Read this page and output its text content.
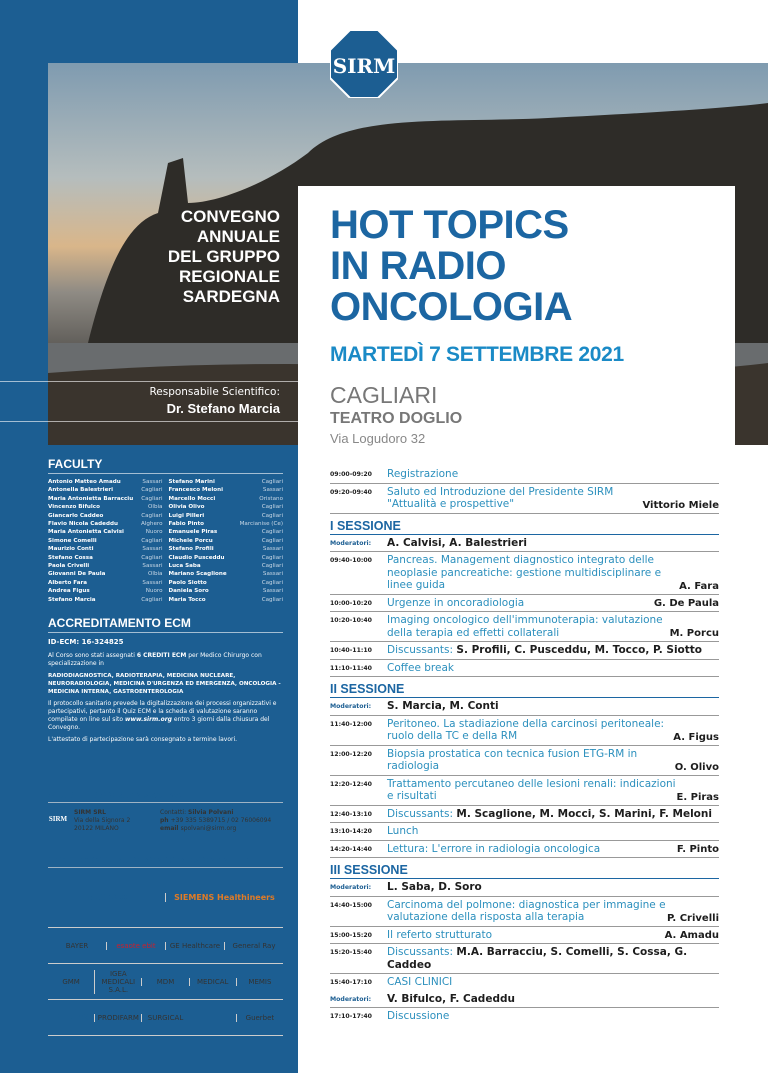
SIRM
CONVEGNO
ANNUALE
DEL GRUPPO
REGIONALE
SARDEGNA
Responsabile Scientifico:
Dr. Stefano Marcia
HOT TOPICS
IN RADIO
ONCOLOGIA
MARTEDÌ 7 SETTEMBRE 2021
CAGLIARI
TEATRO DOGLIO
Via Logudoro 32
FACULTY
Antonio Matteo Amadu	Sassari
Antonella Balestrieri	Cagliari
Maria Antonietta Barracciu Cagliari
Vincenzo Bifulco	Olbia
Giancarlo Caddeo	Cagliari
Flavio Nicola Cadeddu	Alghero
Maria Antonietta Calvisi	Nuoro
Simone Comelli	Cagliari
Maurizio Conti	Sassari
Stefano Cossa	Cagliari
Paola Crivelli	Sassari
Giovanni De Paula	Olbia
Alberto Fara	Sassari
Andrea Figus	Nuoro
Stefano Marcia	Cagliari
Stefano Marini	Cagliari
Francesco Meloni	Sassari
Marcello Mocci	Oristano
Olivia Olivo	Cagliari
Luigi Pilleri	Cagliari
Fabio Pinto	Marcianise (Ce)
Emanuele Piras	Cagliari
Michele Porcu	Cagliari
Stefano Profili	Sassari
Claudio Pusceddu	Cagliari
Luca Saba	Cagliari
Mariano Scaglione	Sassari
Paolo Siotto	Cagliari
Daniela Soro	Sassari
Maria Tocco	Cagliari
ACCREDITAMENTO ECM
ID-ECM: 16-324825

Al Corso sono stati assegnati 6 CREDITI ECM per Medico Chirurgo con specializzazione in

RADIODIAGNOSTICA, RADIOTERAPIA, MEDICINA NUCLEARE, NEURORADIOLOGIA, MEDICINA D'URGENZA ED EMERGENZA, ONCOLOGIA - MEDICINA INTERNA, GASTROENTEROLOGIA

Il protocollo sanitario prevede la digitalizzazione dei processi organizzativi e partecipativi, pertanto il Quiz ECM e la scheda di valutazione saranno compilate on line sul sito www.sirm.org entro 3 giorni dalla chiusura del Convegno.

L'attestato di partecipazione sarà consegnato a termine lavori.

SEGRETERIA ORGANIZZATIVA
SIRM
SIRM SRL
Via della Signora 2
20122 MILANO
Contatti: Silvia Polvani
ph +39 335 5389715 / 02 76006094
email spolvani@sirm.org
CON IL CONTRIBUTO NON CONDIZIONANTE DI
BRACCO	SIEMENS Healthineers
BAYER	esaote ebit	GE Healthcare	General Ray
GMM
IGEA MEDICALI S.A.L.
MDM	MEDICAL	MEMIS
PHILIPS	PRODIFARM	SURGICAL	Guerbet
09:00-09:20	Registrazione
09:20-09:40	Saluto ed Introduzione del Presidente SIRM "Attualità e prospettive"	Vittorio Miele
I SESSIONE
Moderatori:	A. Calvisi, A. Balestrieri
09:40-10:00	Pancreas. Management diagnostico integrato delle neoplasie pancreatiche: gestione multidisciplinare e linee guida	A. Fara
10:00-10:20	Urgenze in oncoradiologia	G. De Paula
10:20-10:40	Imaging oncologico dell'immunoterapia: valutazione della terapia ed effetti collaterali	M. Porcu
10:40-11:10	Discussants: S. Profili, C. Pusceddu, M. Tocco, P. Siotto
11:10-11:40	Coffee break
II SESSIONE
Moderatori:	S. Marcia, M. Conti
11:40-12:00	Peritoneo. La stadiazione della carcinosi peritoneale: ruolo della TC e della RM	A. Figus
12:00-12:20	Biopsia prostatica con tecnica fusion ETG-RM in radiologia	O. Olivo
12:20-12:40	Trattamento percutaneo delle lesioni renali: indicazioni e risultati	E. Piras
12:40-13:10	Discussants: M. Scaglione, M. Mocci, S. Marini, F. Meloni
13:10-14:20	Lunch
14:20-14:40	Lettura: L'errore in radiologia oncologica	F. Pinto
III SESSIONE
Moderatori:	L. Saba, D. Soro
14:40-15:00	Carcinoma del polmone: diagnostica per immagine e valutazione della risposta alla terapia	P. Crivelli
15:00-15:20	Il referto strutturato	A. Amadu
15:20-15:40	Discussants: M.A. Barracciu, S. Comelli, S. Cossa, G. Caddeo
15:40-17:10	CASI CLINICI
Moderatori:	V. Bifulco, F. Cadeddu
17:10-17:40	Discussione
